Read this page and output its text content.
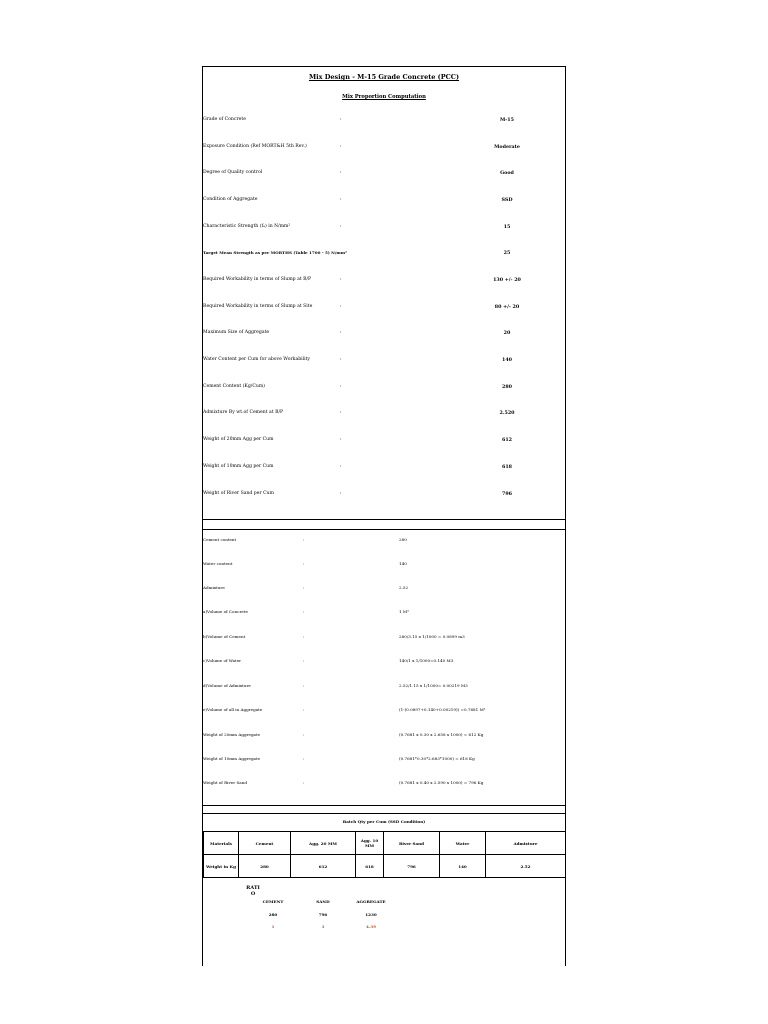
Mix Design - M-15 Grade Concrete (PCC)
Mix Proportion Computation
Grade of Concrete	:	M-15
Exposure Condition (Ref MORT&H 5th Rev.)	:	Moderate
Degree of Quality control	:	Good
Condition of Aggregate	:	SSD
Characteristic Strength (fₐ) in N/mm²	:	15
Target Mean Strength as per MORTHS (Table 1700 - 5) N/mm²	25
Required Workability in terms of Slump at B/P	:	130 +/- 20
Required Workability in terms of Slump at Site	:	80 +/- 20
Maximum Size of Aggregate	:	20
Water Content per Cum for above Workability	:	140
Cement Content (Kg/Cum)	:	280
Admixture By wt.of Cement at B/P	:	2.520
Weight of 20mm Agg per Cum	:	612
Weight of 10mm Agg per Cum	:	618
Weight of River Sand per Cum	:	796
Cement content	:	280
Water content	:	140
Admixture	:	2.52
a)Volume of Concrete	:	1 M³
b)Volume of Cement	:	280/3.15 x 1/1000 = 0.0899 m3
c)Volume of Water	:	140/1 x 1/1000=0.140 M3
d)Volume of Admixture	:	2.52/1.15 x 1/1000= 0.00219 M3
e)Volume of all in Aggregate	:	(1-(0.0897+0.140+0.00219)) =0.7681 M³
Weight of 20mm Aggregate	:	(0.7681 x 0.30 x 2.658 x 1000) = 612 Kg
Weight of 10mm Aggregate	:	(0.7681*0.30*2.683*1000) = 618 Kg
Weight of River Sand	:	(0.7681 x 0.40 x 2.590 x 1000) = 796 Kg
Batch Qty per Cum (SSD Condition)
Materials	Cement	Agg. 20 MM	Agg. 10 MM	River Sand	Water	Admixture
Weight in Kg	280	612	618	796	140	2.52
RATI
O
CEMENT	SAND	AGGREGATE
280	796	1230
1	3	4.39
